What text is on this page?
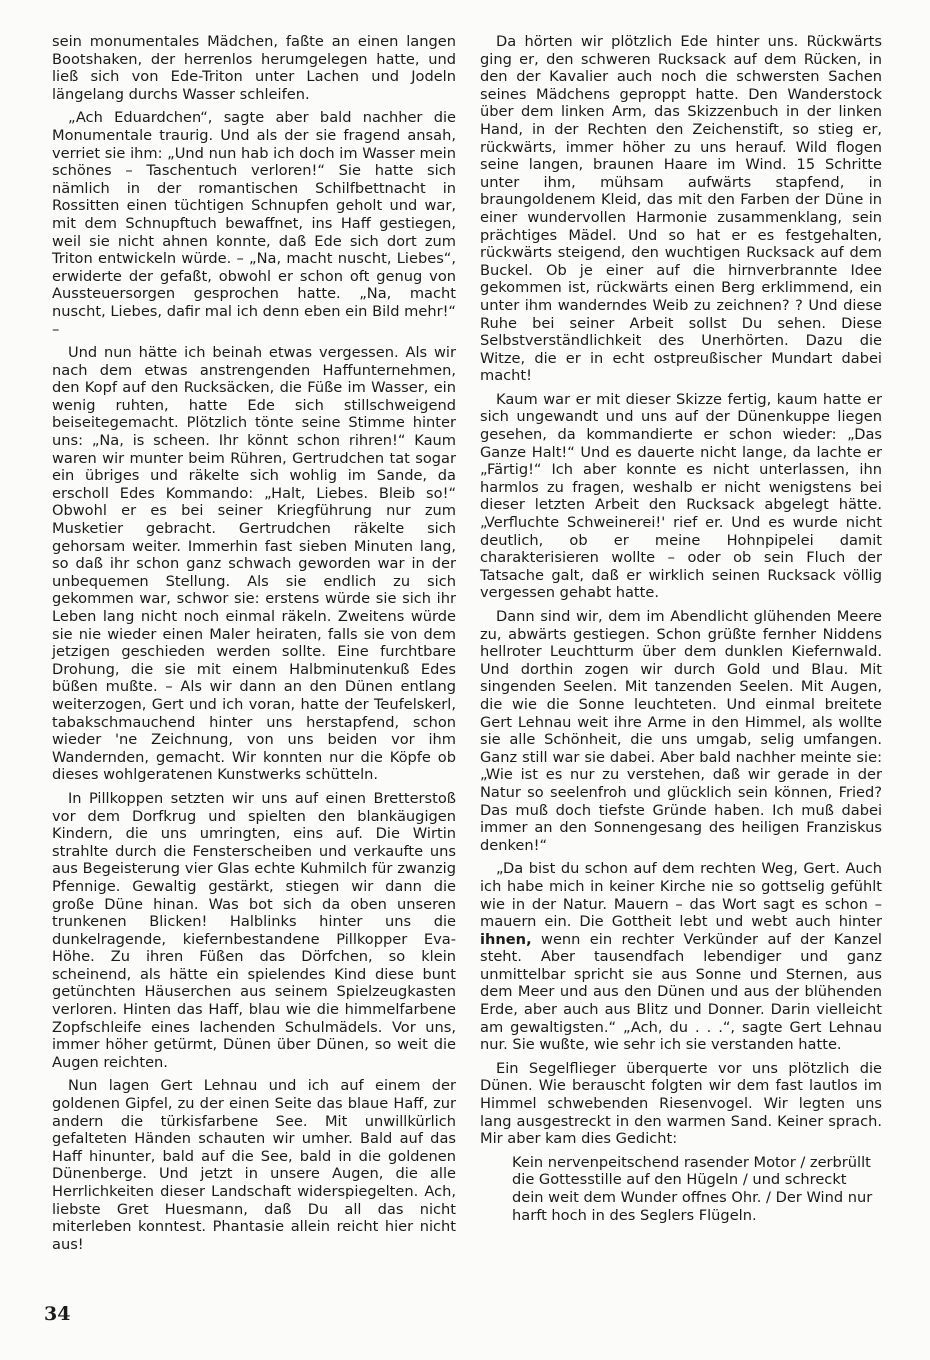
sein monumentales Mädchen, faßte an einen langen Bootshaken, der herrenlos herumgelegen hatte, und ließ sich von Ede-Triton unter Lachen und Jodeln längelang durchs Wasser schleifen.

„Ach Eduardchen“, sagte aber bald nachher die Monumentale traurig. Und als der sie fragend ansah, verriet sie ihm: „Und nun hab ich doch im Wasser mein schönes – Taschentuch verloren!“ Sie hatte sich nämlich in der romantischen Schilfbettnacht in Rossitten einen tüchtigen Schnupfen geholt und war, mit dem Schnupftuch bewaffnet, ins Haff gestiegen, weil sie nicht ahnen konnte, daß Ede sich dort zum Triton entwickeln würde. – „Na, macht nuscht, Liebes“, erwiderte der gefaßt, obwohl er schon oft genug von Aussteuersorgen gesprochen hatte. „Na, macht nuscht, Liebes, dafir mal ich denn eben ein Bild mehr!“ –

Und nun hätte ich beinah etwas vergessen. Als wir nach dem etwas anstrengenden Haffunternehmen, den Kopf auf den Rucksäcken, die Füße im Wasser, ein wenig ruhten, hatte Ede sich stillschweigend beiseitegemacht. Plötzlich tönte seine Stimme hinter uns: „Na, is scheen. Ihr könnt schon rihren!“ Kaum waren wir munter beim Rühren, Gertrudchen tat sogar ein übriges und räkelte sich wohlig im Sande, da erscholl Edes Kommando: „Halt, Liebes. Bleib so!“ Obwohl er es bei seiner Kriegführung nur zum Musketier gebracht. Gertrudchen räkelte sich gehorsam weiter. Immerhin fast sieben Minuten lang, so daß ihr schon ganz schwach geworden war in der unbequemen Stellung. Als sie endlich zu sich gekommen war, schwor sie: erstens würde sie sich ihr Leben lang nicht noch einmal räkeln. Zweitens würde sie nie wieder einen Maler heiraten, falls sie von dem jetzigen geschieden werden sollte. Eine furchtbare Drohung, die sie mit einem Halbminutenkuß Edes büßen mußte. – Als wir dann an den Dünen entlang weiterzogen, Gert und ich voran, hatte der Teufelskerl, tabakschmauchend hinter uns herstapfend, schon wieder 'ne Zeichnung, von uns beiden vor ihm Wandernden, gemacht. Wir konnten nur die Köpfe ob dieses wohlgeratenen Kunstwerks schütteln.

In Pillkoppen setzten wir uns auf einen Bretterstoß vor dem Dorfkrug und spielten den blankäugigen Kindern, die uns umringten, eins auf. Die Wirtin strahlte durch die Fensterscheiben und verkaufte uns aus Begeisterung vier Glas echte Kuhmilch für zwanzig Pfennige. Gewaltig gestärkt, stiegen wir dann die große Düne hinan. Was bot sich da oben unseren trunkenen Blicken! Halblinks hinter uns die dunkelragende, kiefernbestandene Pillkopper Eva-Höhe. Zu ihren Füßen das Dörfchen, so klein scheinend, als hätte ein spielendes Kind diese bunt getünchten Häuserchen aus seinem Spielzeugkasten verloren. Hinten das Haff, blau wie die himmelfarbene Zopfschleife eines lachenden Schulmädels. Vor uns, immer höher getürmt, Dünen über Dünen, so weit die Augen reichten.

Nun lagen Gert Lehnau und ich auf einem der goldenen Gipfel, zu der einen Seite das blaue Haff, zur andern die türkisfarbene See. Mit unwillkürlich gefalteten Händen schauten wir umher. Bald auf das Haff hinunter, bald auf die See, bald in die goldenen Dünenberge. Und jetzt in unsere Augen, die alle Herrlichkeiten dieser Landschaft widerspiegelten. Ach, liebste Gret Huesmann, daß Du all das nicht miterleben konntest. Phantasie allein reicht hier nicht aus!

Da hörten wir plötzlich Ede hinter uns. Rückwärts ging er, den schweren Rucksack auf dem Rücken, in den der Kavalier auch noch die schwersten Sachen seines Mädchens geproppt hatte. Den Wanderstock über dem linken Arm, das Skizzenbuch in der linken Hand, in der Rechten den Zeichenstift, so stieg er, rückwärts, immer höher zu uns herauf. Wild flogen seine langen, braunen Haare im Wind. 15 Schritte unter ihm, mühsam aufwärts stapfend, in braungoldenem Kleid, das mit den Farben der Düne in einer wundervollen Harmonie zusammenklang, sein prächtiges Mädel. Und so hat er es festgehalten, rückwärts steigend, den wuchtigen Rucksack auf dem Buckel. Ob je einer auf die hirnverbrannte Idee gekommen ist, rückwärts einen Berg erklimmend, ein unter ihm wanderndes Weib zu zeichnen? ? Und diese Ruhe bei seiner Arbeit sollst Du sehen. Diese Selbstverständlichkeit des Unerhörten. Dazu die Witze, die er in echt ostpreußischer Mundart dabei macht!

Kaum war er mit dieser Skizze fertig, kaum hatte er sich ungewandt und uns auf der Dünenkuppe liegen gesehen, da kommandierte er schon wieder: „Das Ganze Halt!“ Und es dauerte nicht lange, da lachte er „Färtig!“ Ich aber konnte es nicht unterlassen, ihn harmlos zu fragen, weshalb er nicht wenigstens bei dieser letzten Arbeit den Rucksack abgelegt hätte. „Verfluchte Schweinerei!' rief er. Und es wurde nicht deutlich, ob er meine Hohnpipelei damit charakterisieren wollte – oder ob sein Fluch der Tatsache galt, daß er wirklich seinen Rucksack völlig vergessen gehabt hatte.

Dann sind wir, dem im Abendlicht glühenden Meere zu, abwärts gestiegen. Schon grüßte fernher Niddens hellroter Leuchtturm über dem dunklen Kiefernwald. Und dorthin zogen wir durch Gold und Blau. Mit singenden Seelen. Mit tanzenden Seelen. Mit Augen, die wie die Sonne leuchteten. Und einmal breitete Gert Lehnau weit ihre Arme in den Himmel, als wollte sie alle Schönheit, die uns umgab, selig umfangen. Ganz still war sie dabei. Aber bald nachher meinte sie: „Wie ist es nur zu verstehen, daß wir gerade in der Natur so seelenfroh und glücklich sein können, Fried? Das muß doch tiefste Gründe haben. Ich muß dabei immer an den Sonnengesang des heiligen Franziskus denken!“

„Da bist du schon auf dem rechten Weg, Gert. Auch ich habe mich in keiner Kirche nie so gottselig gefühlt wie in der Natur. Mauern – das Wort sagt es schon – mauern ein. Die Gottheit lebt und webt auch hinter ihnen, wenn ein rechter Verkünder auf der Kanzel steht. Aber tausendfach lebendiger und ganz unmittelbar spricht sie aus Sonne und Sternen, aus dem Meer und aus den Dünen und aus der blühenden Erde, aber auch aus Blitz und Donner. Darin vielleicht am gewaltigsten.“ „Ach, du . . .“, sagte Gert Lehnau nur. Sie wußte, wie sehr ich sie verstanden hatte.

Ein Segelflieger überquerte vor uns plötzlich die Dünen. Wie berauscht folgten wir dem fast lautlos im Himmel schwebenden Riesenvogel. Wir legten uns lang ausgestreckt in den warmen Sand. Keiner sprach. Mir aber kam dies Gedicht:

Kein nervenpeitschend rasender Motor / zerbrüllt die Gottesstille auf den Hügeln / und schreckt dein weit dem Wunder offnes Ohr. / Der Wind nur harft hoch in des Seglers Flügeln.

34
